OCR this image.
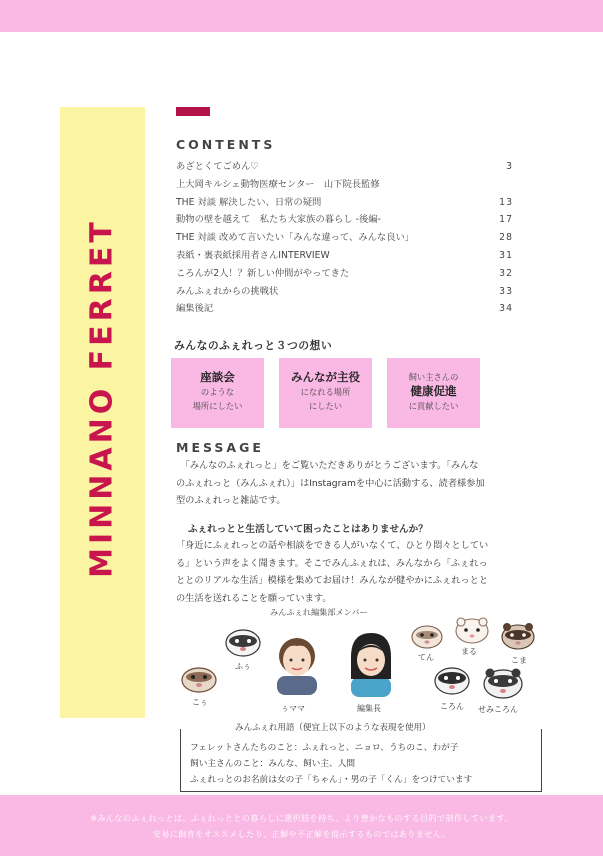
MINNANO FERRET
CONTENTS
あざとくてごめん♡	3
上大岡キルシェ動物医療センター　山下院長監修
THE 対談 解決したい、日常の疑問	13
動物の壁を越えて　私たち大家族の暮らし -後編-	17
THE 対談 改めて言いたい「みんな違って、みんな良い」	28
表紙・裏表紙採用者さんINTERVIEW	31
ころんが2人！？新しい仲間がやってきた	32
みんふぇれからの挑戦状	33
編集後記	34
みんなのふぇれっと３つの想い
座談会
のような
場所にしたい
みんなが主役
になれる場所
にしたい
飼い主さんの
健康促進
に貢献したい
MESSAGE
　「みんなのふぇれっと」をご覧いただきありがとうございます。「みんな
のふぇれっと（みんふぇれ）」はInstagramを中心に活動する、読者様参加
型のふぇれっと雑誌です。
ふぇれっとと生活していて困ったことはありませんか？
「身近にふぇれっとの話や相談をできる人がいなくて、ひとり悶々としてい
る」という声をよく聞きます。そこでみんふぇれは、みんなから「ふぇれっ
ととのリアルな生活」模様を集めてお届け！みんなが健やかにふぇれっとと
の生活を送れることを願っています。
みんふぇれ編集部メンバー
ふぅ
こぅ
ぅママ	編集長
てん
まる
こま
ころん せみころん
みんふぇれ用語（便宜上以下のような表現を使用）
フェレットさんたちのこと：ふぇれっと、ニョロ、うちのこ、わが子
飼い主さんのこと：みんな、飼い主、人間
ふぇれっとのお名前は女の子「ちゃん」・男の子「くん」をつけています
※みんなのふぇれっとは、ふぇれっととの暮らしに選択肢を持ち、より豊かなものする目的で制作しています。
安易に飼育をオススメしたり、正解や不正解を提示するものではありません。
